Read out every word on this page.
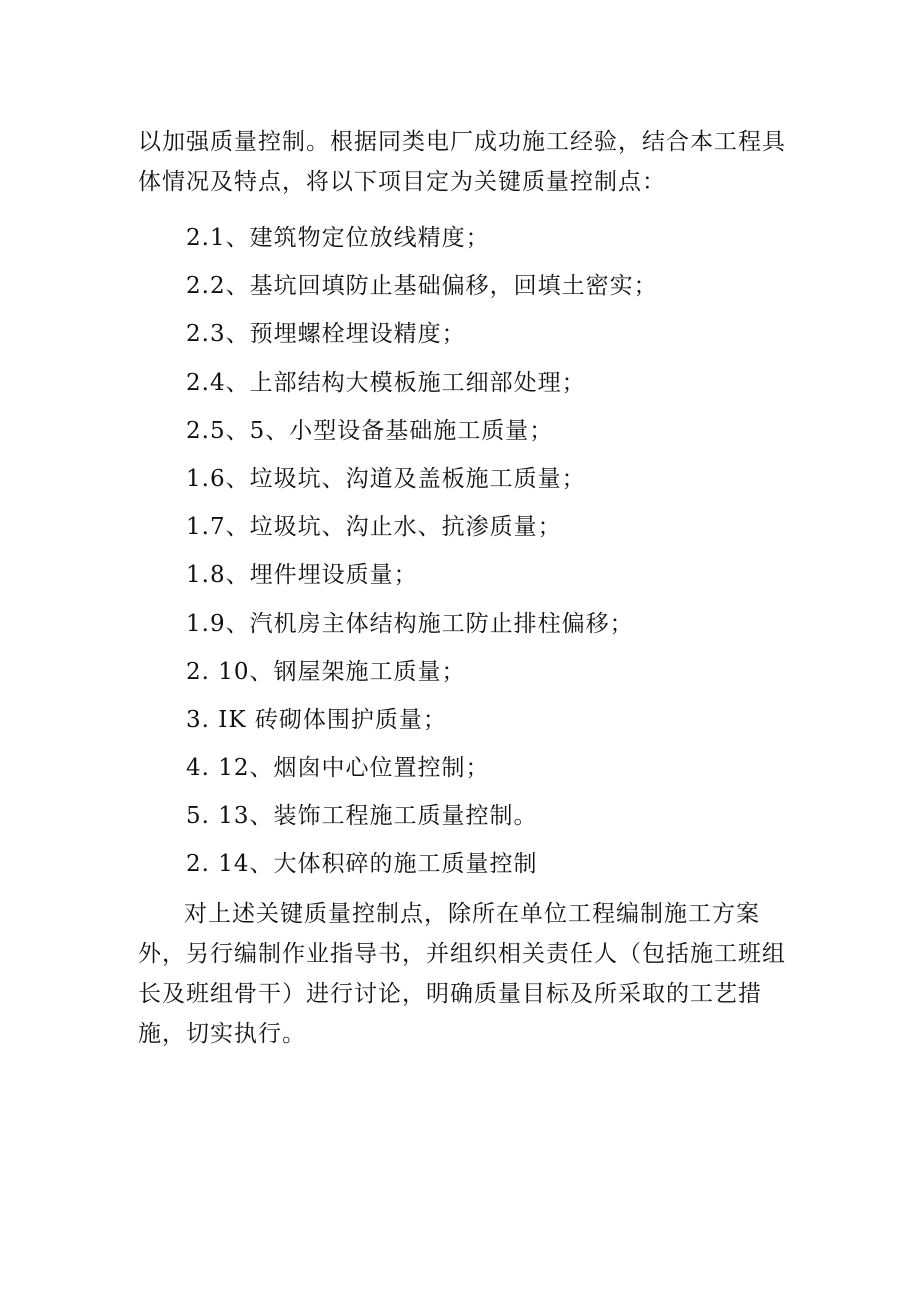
以加强质量控制。根据同类电厂成功施工经验，结合本工程具体情况及特点，将以下项目定为关键质量控制点：

2.1、建筑物定位放线精度；
2.2、基坑回填防止基础偏移，回填土密实；
2.3、预埋螺栓埋设精度；
2.4、上部结构大模板施工细部处理；
2.5、5、小型设备基础施工质量；
1.6、垃圾坑、沟道及盖板施工质量；
1.7、垃圾坑、沟止水、抗渗质量；
1.8、埋件埋设质量；
1.9、汽机房主体结构施工防止排柱偏移；
2. 10、钢屋架施工质量；
3. IK 砖砌体围护质量；
4. 12、烟囱中心位置控制；
5. 13、装饰工程施工质量控制。
2. 14、大体积碎的施工质量控制

对上述关键质量控制点，除所在单位工程编制施工方案外，另行编制作业指导书，并组织相关责任人（包括施工班组长及班组骨干）进行讨论，明确质量目标及所采取的工艺措施，切实执行。
